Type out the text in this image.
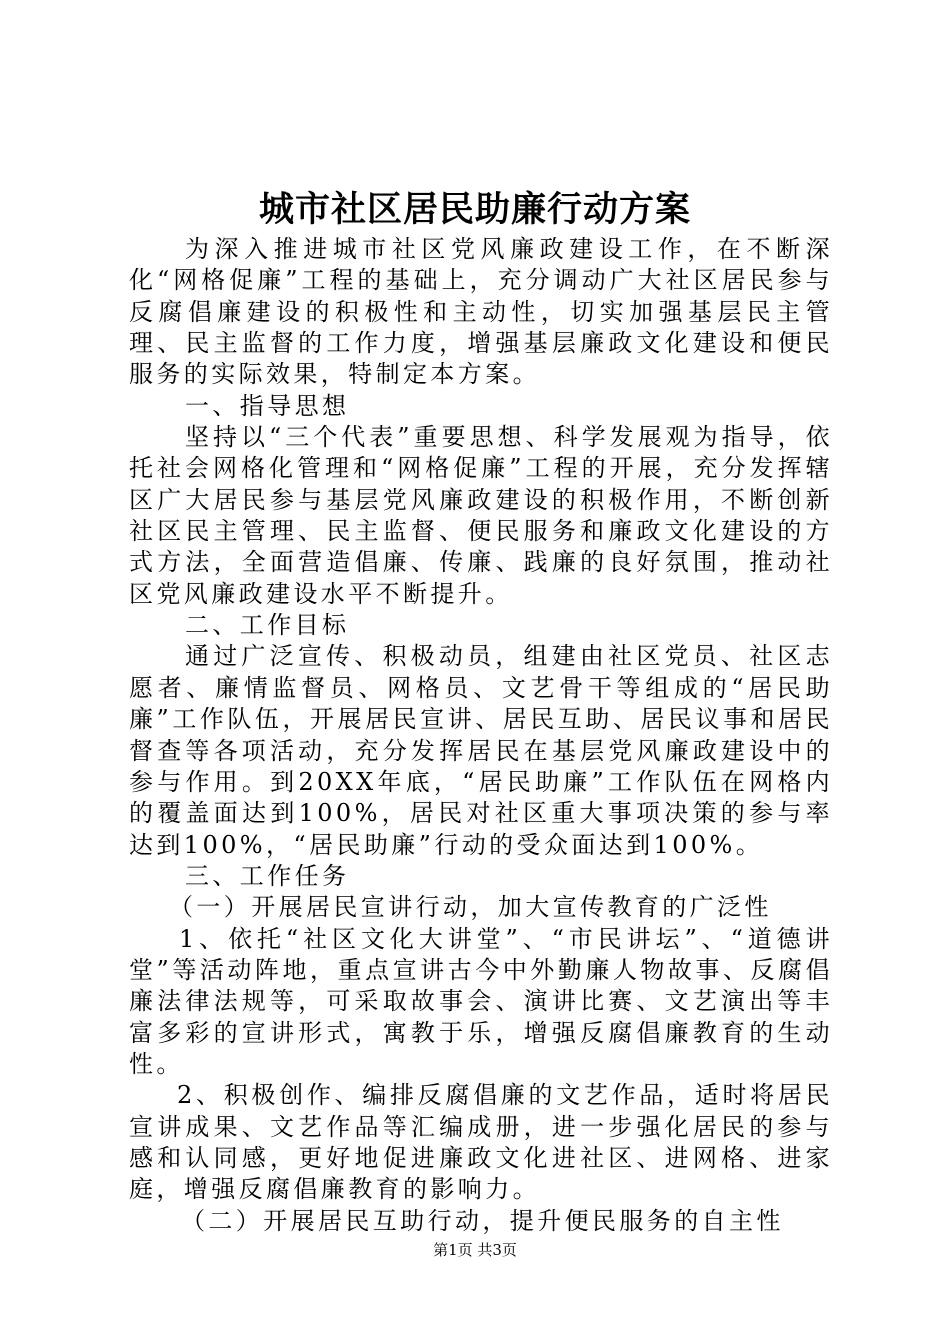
城市社区居民助廉行动方案

为深入推进城市社区党风廉政建设工作，在不断深化“网格促廉”工程的基础上，充分调动广大社区居民参与反腐倡廉建设的积极性和主动性，切实加强基层民主管理、民主监督的工作力度，增强基层廉政文化建设和便民服务的实际效果，特制定本方案。

一、指导思想

坚持以“三个代表”重要思想、科学发展观为指导，依托社会网格化管理和“网格促廉”工程的开展，充分发挥辖区广大居民参与基层党风廉政建设的积极作用，不断创新社区民主管理、民主监督、便民服务和廉政文化建设的方式方法，全面营造倡廉、传廉、践廉的良好氛围，推动社区党风廉政建设水平不断提升。

二、工作目标

通过广泛宣传、积极动员，组建由社区党员、社区志愿者、廉情监督员、网格员、文艺骨干等组成的“居民助廉”工作队伍，开展居民宣讲、居民互助、居民议事和居民督查等各项活动，充分发挥居民在基层党风廉政建设中的参与作用。到20XX年底，“居民助廉”工作队伍在网格内的覆盖面达到100%，居民对社区重大事项决策的参与率达到100%，“居民助廉”行动的受众面达到100%。

三、工作任务

（一）开展居民宣讲行动，加大宣传教育的广泛性

1、依托“社区文化大讲堂”、“市民讲坛”、“道德讲堂”等活动阵地，重点宣讲古今中外勤廉人物故事、反腐倡廉法律法规等，可采取故事会、演讲比赛、文艺演出等丰富多彩的宣讲形式，寓教于乐，增强反腐倡廉教育的生动性。

2、积极创作、编排反腐倡廉的文艺作品，适时将居民宣讲成果、文艺作品等汇编成册，进一步强化居民的参与感和认同感，更好地促进廉政文化进社区、进网格、进家庭，增强反腐倡廉教育的影响力。

（二）开展居民互助行动，提升便民服务的自主性

第1页 共3页
